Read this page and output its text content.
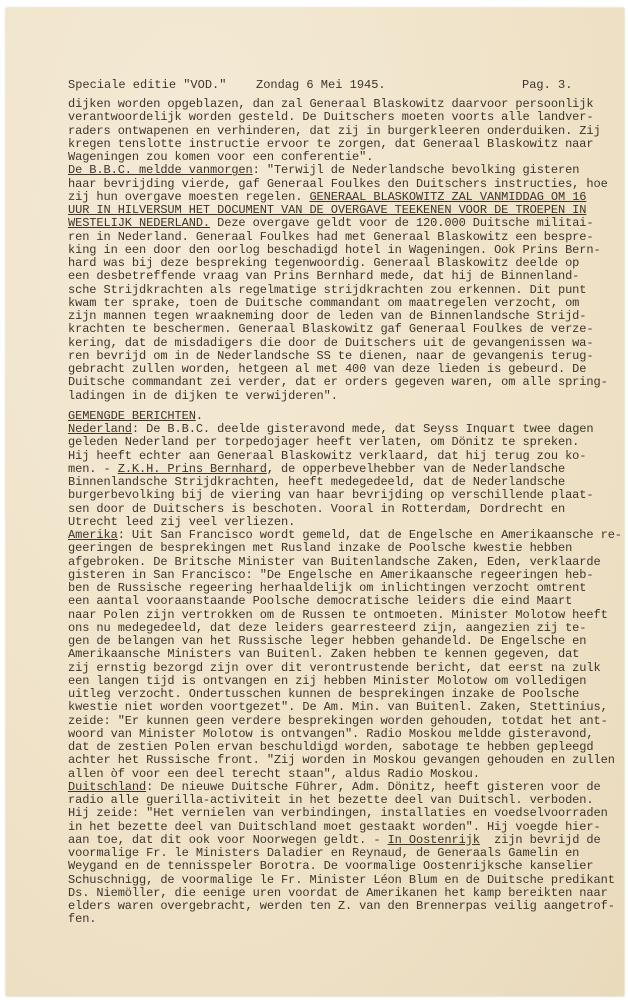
Speciale editie "VOD." Zondag 6 Mei 1945.	Pag. 3.
dijken worden opgeblazen, dan zal Generaal Blaskowitz daarvoor persoonlijk
verantwoordelijk worden gesteld. De Duitschers moeten voorts alle landver-
raders ontwapenen en verhinderen, dat zij in burgerkleeren onderduiken. Zij
kregen tenslotte instructie ervoor te zorgen, dat Generaal Blaskowitz naar
Wageningen zou komen voor een conferentie".
De B.B.C. meldde vanmorgen: "Terwijl de Nederlandsche bevolking gisteren
haar bevrijding vierde, gaf Generaal Foulkes den Duitschers instructies, hoe
zij hun overgave moesten regelen. GENERAAL BLASKOWITZ ZAL VANMIDDAG OM 16
UUR IN HILVERSUM HET DOCUMENT VAN DE OVERGAVE TEEKENEN VOOR DE TROEPEN IN
WESTELIJK NEDERLAND. Deze overgave geldt voor de 120.000 Duitsche militai-
ren in Nederland. Generaal Foulkes had met Generaal Blaskowitz een bespre-
king in een door den oorlog beschadigd hotel in Wageningen. Ook Prins Bern-
hard was bij deze bespreking tegenwoordig. Generaal Blaskowitz deelde op
een desbetreffende vraag van Prins Bernhard mede, dat hij de Binnenland-
sche Strijdkrachten als regelmatige strijdkrachten zou erkennen. Dit punt
kwam ter sprake, toen de Duitsche commandant om maatregelen verzocht, om
zijn mannen tegen wraakneming door de leden van de Binnenlandsche Strijd-
krachten te beschermen. Generaal Blaskowitz gaf Generaal Foulkes de verze-
kering, dat de misdadigers die door de Duitschers uit de gevangenissen wa-
ren bevrijd om in de Nederlandsche SS te dienen, naar de gevangenis terug-
gebracht zullen worden, hetgeen al met 400 van deze lieden is gebeurd. De
Duitsche commandant zei verder, dat er orders gegeven waren, om alle spring-
ladingen in de dijken te verwijderen".
GEMENGDE BERICHTEN.
Nederland: De B.B.C. deelde gisteravond mede, dat Seyss Inquart twee dagen
geleden Nederland per torpedojager heeft verlaten, om Dönitz te spreken.
Hij heeft echter aan Generaal Blaskowitz verklaard, dat hij terug zou ko-
men. - Z.K.H. Prins Bernhard, de opperbevelhebber van de Nederlandsche
Binnenlandsche Strijdkrachten, heeft medegedeeld, dat de Nederlandsche
burgerbevolking bij de viering van haar bevrijding op verschillende plaat-
sen door de Duitschers is beschoten. Vooral in Rotterdam, Dordrecht en
Utrecht leed zij veel verliezen.
Amerika: Uit San Francisco wordt gemeld, dat de Engelsche en Amerikaansche re-
geeringen de besprekingen met Rusland inzake de Poolsche kwestie hebben
afgebroken. De Britsche Minister van Buitenlandsche Zaken, Eden, verklaarde
gisteren in San Francisco: "De Engelsche en Amerikaansche regeeringen heb-
ben de Russische regeering herhaaldelijk om inlichtingen verzocht omtrent
een aantal vooraanstaande Poolsche democratische leiders die eind Maart
naar Polen zijn vertrokken om de Russen te ontmoeten. Minister Molotow heeft
ons nu medegedeeld, dat deze leiders gearresteerd zijn, aangezien zij te-
gen de belangen van het Russische leger hebben gehandeld. De Engelsche en
Amerikaansche Ministers van Buitenl. Zaken hebben te kennen gegeven, dat
zij ernstig bezorgd zijn over dit verontrustende bericht, dat eerst na zulk
een langen tijd is ontvangen en zij hebben Minister Molotow om volledigen
uitleg verzocht. Ondertusschen kunnen de besprekingen inzake de Poolsche
kwestie niet worden voortgezet". De Am. Min. van Buitenl. Zaken, Stettinius,
zeide: "Er kunnen geen verdere besprekingen worden gehouden, totdat het ant-
woord van Minister Molotow is ontvangen". Radio Moskou meldde gisteravond,
dat de zestien Polen ervan beschuldigd worden, sabotage te hebben gepleegd
achter het Russische front. "Zij worden in Moskou gevangen gehouden en zullen
allen òf voor een deel terecht staan", aldus Radio Moskou.
Duitschland: De nieuwe Duitsche Führer, Adm. Dönitz, heeft gisteren voor de
radio alle guerilla-activiteit in het bezette deel van Duitschl. verboden.
Hij zeide: "Het vernielen van verbindingen, installaties en voedselvoorraden
in het bezette deel van Duitschland moet gestaakt worden". Hij voegde hier-
aan toe, dat dit ook voor Noorwegen geldt. - In Oostenrijk  zijn bevrijd de
voormalige Fr. le Ministers Daladier en Reynaud, de Generaals Gamelin en
Weygand en de tennisspeler Borotra. De voormalige Oostenrijksche kanselier
Schuschnigg, de voormalige le Fr. Minister Léon Blum en de Duitsche predikant
Ds. Niemöller, die eenige uren voordat de Amerikanen het kamp bereikten naar
elders waren overgebracht, werden ten Z. van den Brennerpas veilig aangetrof-
fen.
